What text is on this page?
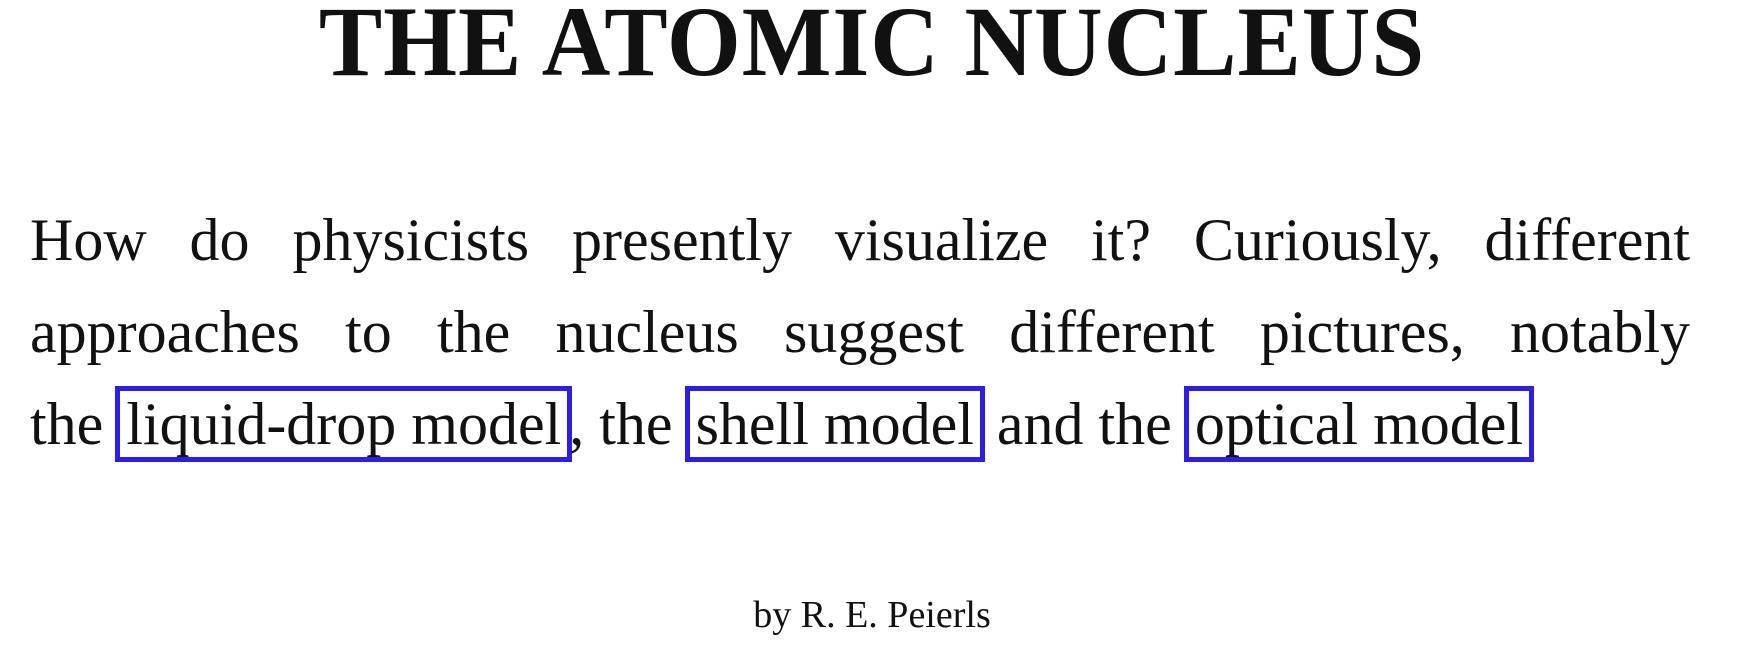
THE ATOMIC NUCLEUS
How do physicists presently visualize it? Curiously, different
approaches to the nucleus suggest different pictures, notably
the liquid-drop model , the shell model and the optical model
by R. E. Peierls
